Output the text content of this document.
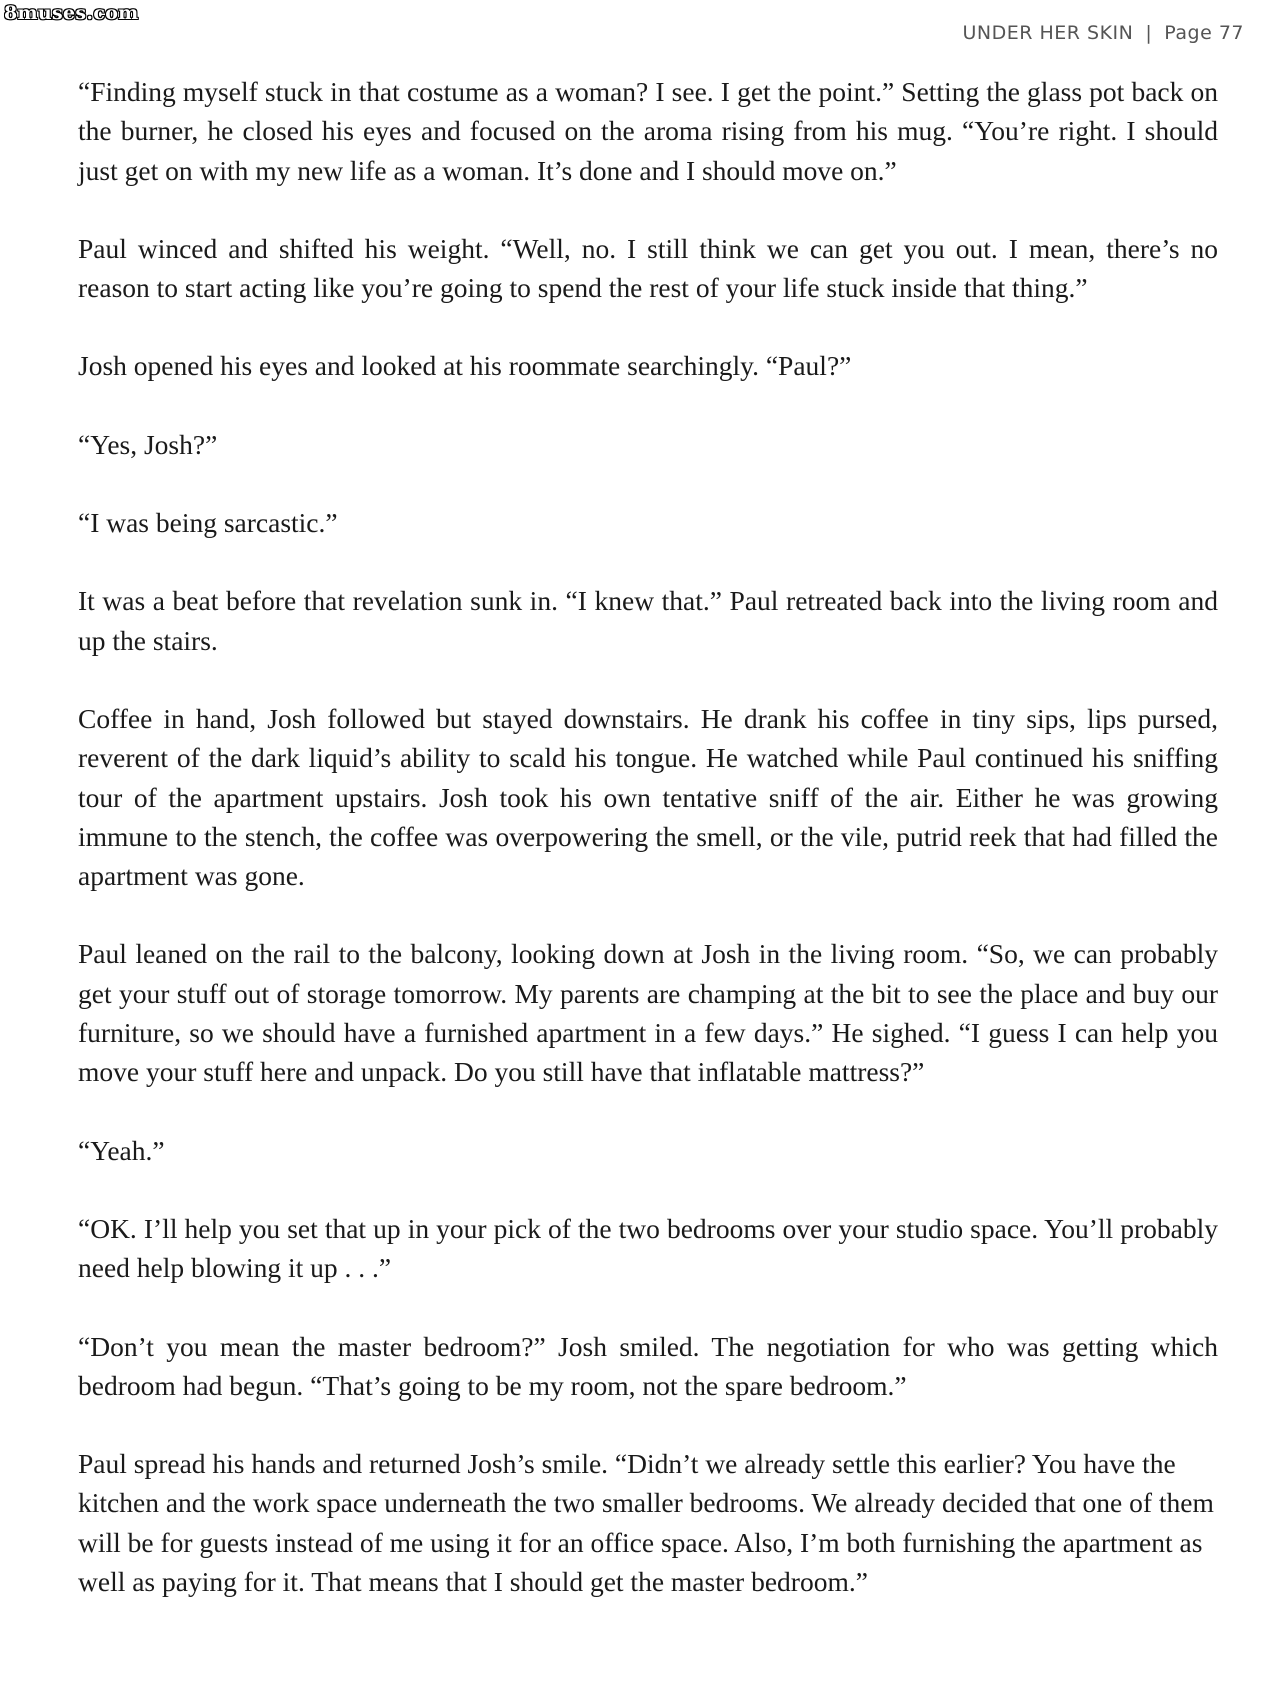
8muses.com
UNDER HER SKIN | Page 77

“Finding myself stuck in that costume as a woman? I see. I get the point.” Setting the glass pot back on the burner, he closed his eyes and focused on the aroma rising from his mug. “You’re right. I should just get on with my new life as a woman. It’s done and I should move on.”

Paul winced and shifted his weight. “Well, no. I still think we can get you out. I mean, there’s no reason to start acting like you’re going to spend the rest of your life stuck inside that thing.”

Josh opened his eyes and looked at his roommate searchingly. “Paul?”

“Yes, Josh?”

“I was being sarcastic.”

It was a beat before that revelation sunk in. “I knew that.” Paul retreated back into the living room and up the stairs.

Coffee in hand, Josh followed but stayed downstairs. He drank his coffee in tiny sips, lips pursed, reverent of the dark liquid’s ability to scald his tongue. He watched while Paul continued his sniffing tour of the apartment upstairs. Josh took his own tentative sniff of the air. Either he was growing immune to the stench, the coffee was overpowering the smell, or the vile, putrid reek that had filled the apartment was gone.

Paul leaned on the rail to the balcony, looking down at Josh in the living room. “So, we can probably get your stuff out of storage tomorrow. My parents are champing at the bit to see the place and buy our furniture, so we should have a furnished apartment in a few days.” He sighed. “I guess I can help you move your stuff here and unpack. Do you still have that inflatable mattress?”

“Yeah.”

“OK. I’ll help you set that up in your pick of the two bedrooms over your studio space. You’ll probably need help blowing it up . . .”

“Don’t you mean the master bedroom?” Josh smiled. The negotiation for who was getting which bedroom had begun. “That’s going to be my room, not the spare bedroom.”

Paul spread his hands and returned Josh’s smile. “Didn’t we already settle this earlier? You have the kitchen and the work space underneath the two smaller bedrooms. We already decided that one of them will be for guests instead of me using it for an office space. Also, I’m both furnishing the apartment as well as paying for it. That means that I should get the master bedroom.”
